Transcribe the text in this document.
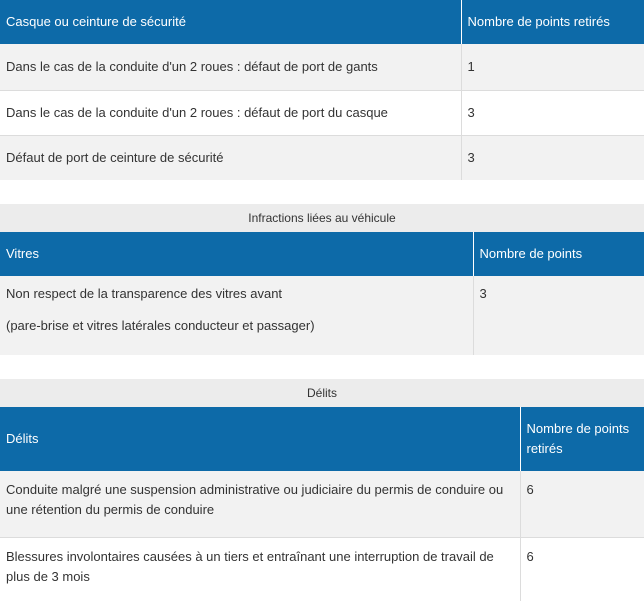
Casque ou ceinture de sécurité	Nombre de points retirés
Dans le cas de la conduite d'un 2 roues : défaut de port de gants	1
Dans le cas de la conduite d'un 2 roues : défaut de port du casque	3
Défaut de port de ceinture de sécurité	3
Infractions liées au véhicule
Vitres	Nombre de points

Non respect de la transparence des vitres avant
(pare-brise et vitres latérales conducteur et passager)	3
Délits
Délits	Nombre de points retirés
Conduite malgré une suspension administrative ou judiciaire du permis de conduire ou une rétention du permis de conduire	6
Blessures involontaires causées à un tiers et entraînant une interruption de travail de plus de 3 mois	6
